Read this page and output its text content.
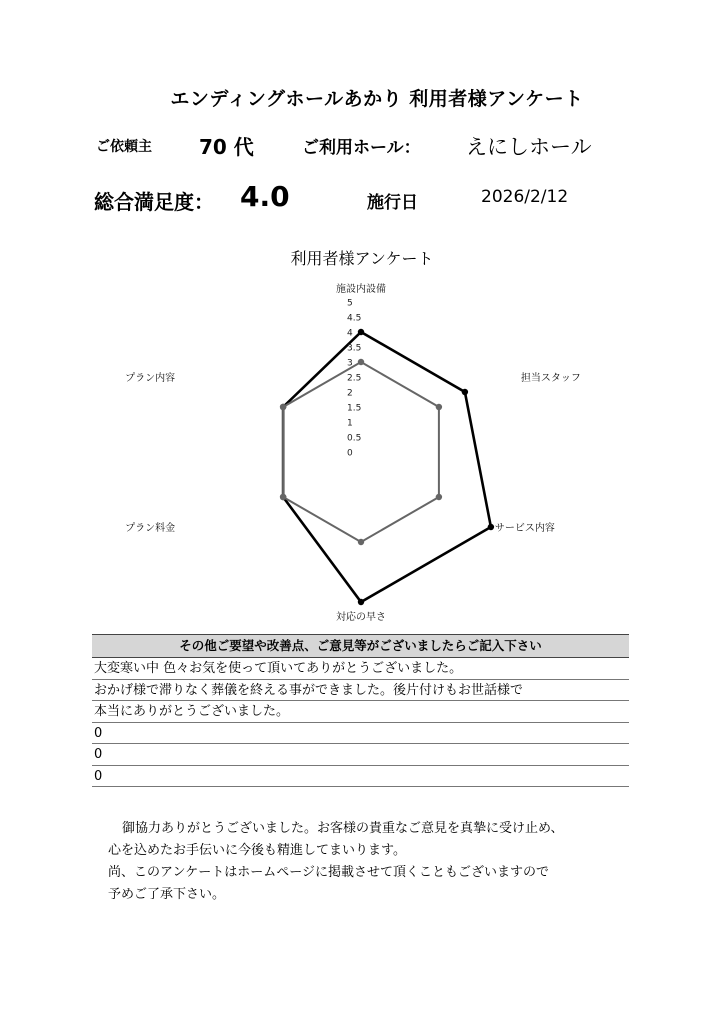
エンディングホールあかり 利用者様アンケート
ご依頼主 70 代	ご利用ホール： えにしホール
総合満足度： 4.0	施行日	2026/2/12
利用者様アンケート
0
0.5
1
1.5
2
2.5
3
3.5
4
4.5
5
施設内設備
担当スタッフ
サービス内容
対応の早さ
プラン料金
プラン内容
その他ご要望や改善点、ご意見等がございましたらご記入下さい
大変寒い中 色々お気を使って頂いてありがとうございました。
おかげ様で滞りなく葬儀を終える事ができました。後片付けもお世話様で
本当にありがとうございました。
0
0
0
御協力ありがとうございました。お客様の貴重なご意見を真摯に受け止め、
心を込めたお手伝いに今後も精進してまいります。
尚、このアンケートはホームページに掲載させて頂くこともございますので
予めご了承下さい。
